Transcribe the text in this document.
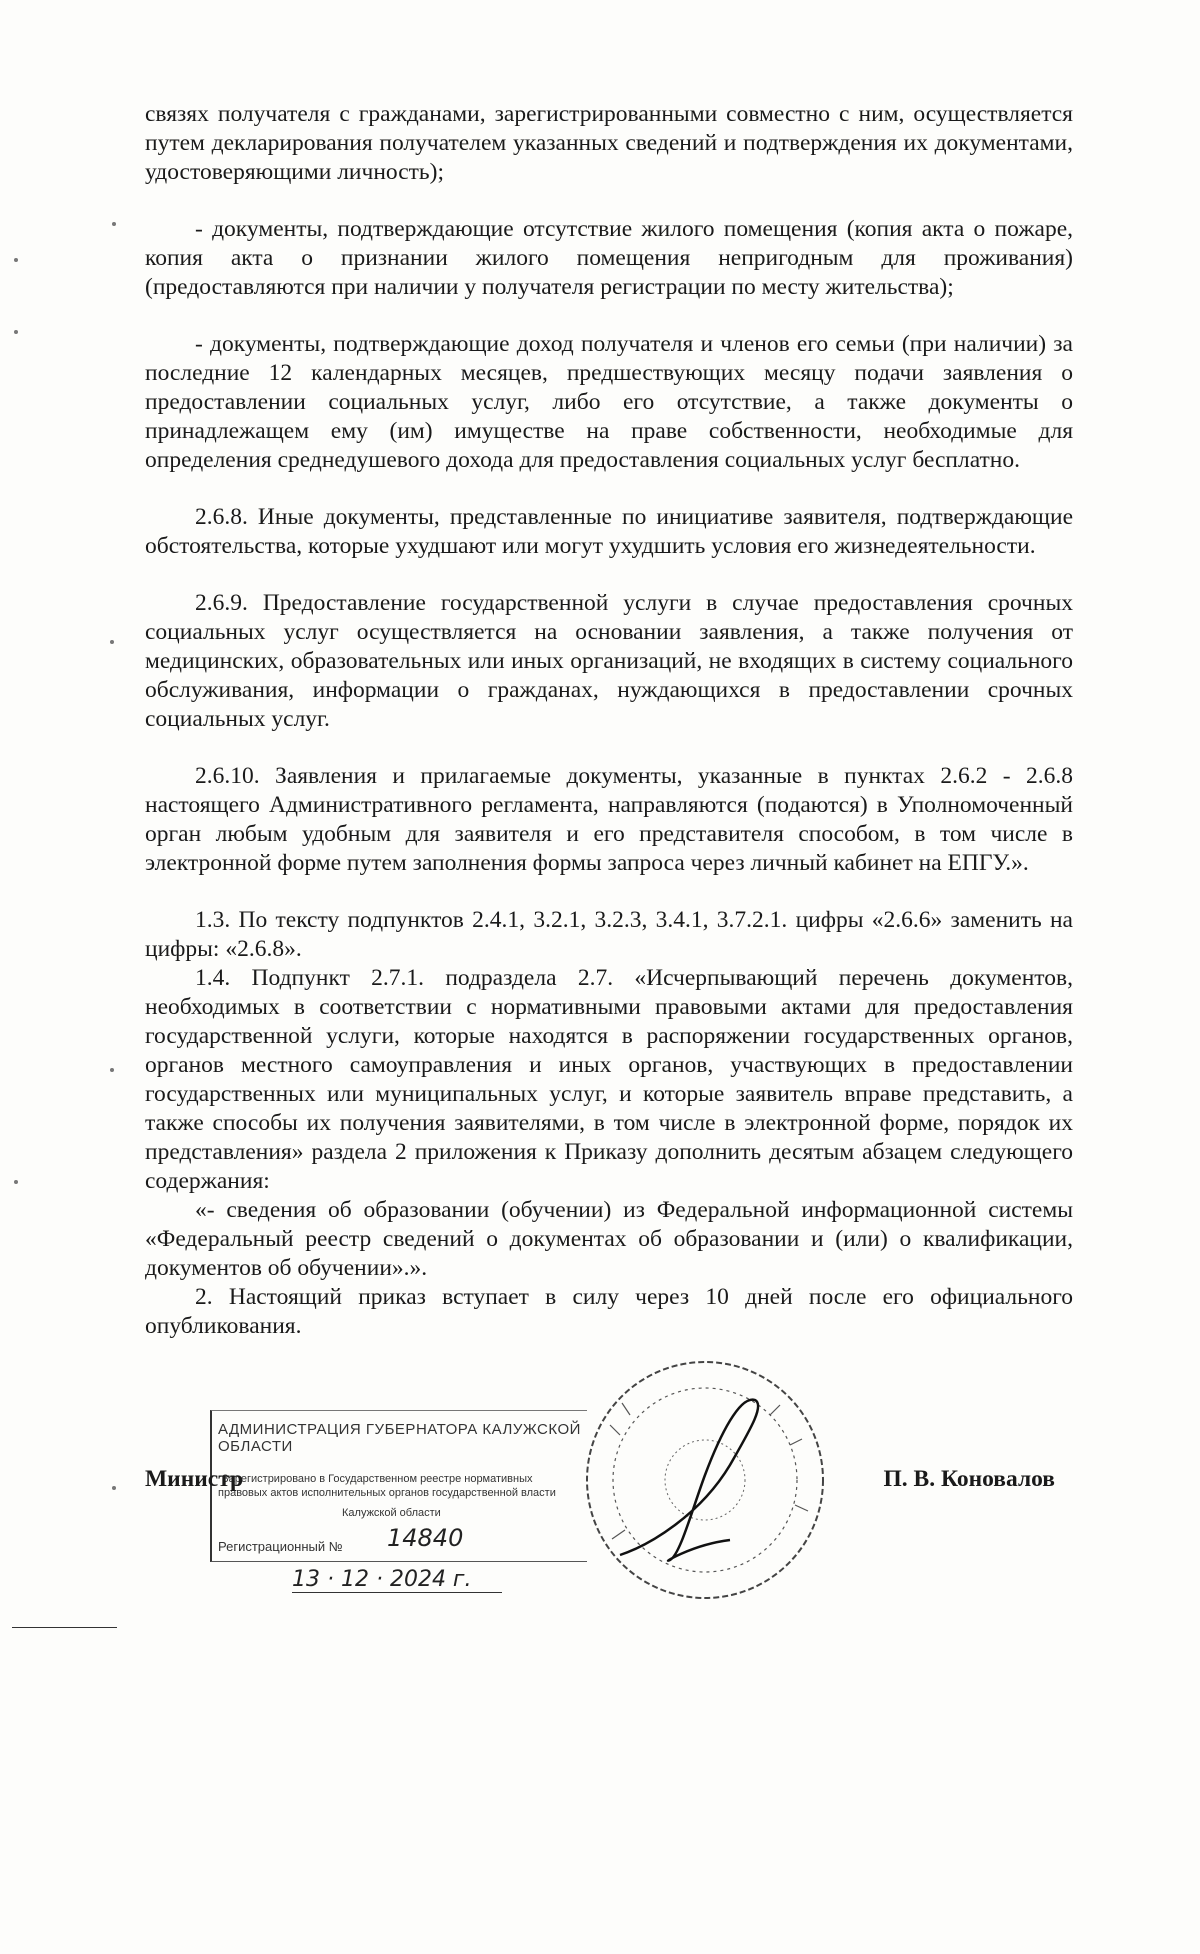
связях получателя с гражданами, зарегистрированными совместно с ним, осуществляется путем декларирования получателем указанных сведений и подтверждения их документами, удостоверяющими личность);

- документы, подтверждающие отсутствие жилого помещения (копия акта о пожаре, копия акта о признании жилого помещения непригодным для проживания) (предоставляются при наличии у получателя регистрации по месту жительства);

- документы, подтверждающие доход получателя и членов его семьи (при наличии) за последние 12 календарных месяцев, предшествующих месяцу подачи заявления о предоставлении социальных услуг, либо его отсутствие, а также документы о принадлежащем ему (им) имуществе на праве собственности, необходимые для определения среднедушевого дохода для предоставления социальных услуг бесплатно.

2.6.8. Иные документы, представленные по инициативе заявителя, подтверждающие обстоятельства, которые ухудшают или могут ухудшить условия его жизнедеятельности.

2.6.9. Предоставление государственной услуги в случае предоставления срочных социальных услуг осуществляется на основании заявления, а также получения от медицинских, образовательных или иных организаций, не входящих в систему социального обслуживания, информации о гражданах, нуждающихся в предоставлении срочных социальных услуг.

2.6.10. Заявления и прилагаемые документы, указанные в пунктах 2.6.2 - 2.6.8 настоящего Административного регламента, направляются (подаются) в Уполномоченный орган любым удобным для заявителя и его представителя способом, в том числе в электронной форме путем заполнения формы запроса через личный кабинет на ЕПГУ.».

1.3. По тексту подпунктов 2.4.1, 3.2.1, 3.2.3, 3.4.1, 3.7.2.1. цифры «2.6.6» заменить на цифры: «2.6.8».

1.4. Подпункт 2.7.1. подраздела 2.7. «Исчерпывающий перечень документов, необходимых в соответствии с нормативными правовыми актами для предоставления государственной услуги, которые находятся в распоряжении государственных органов, органов местного самоуправления и иных органов, участвующих в предоставлении государственных или муниципальных услуг, и которые заявитель вправе представить, а также способы их получения заявителями, в том числе в электронной форме, порядок их представления» раздела 2 приложения к Приказу дополнить десятым абзацем следующего содержания:

«- сведения об образовании (обучении) из Федеральной информационной системы «Федеральный реестр сведений о документах об образовании и (или) о квалификации, документов об обучении».».

2. Настоящий приказ вступает в силу через 10 дней после его официального опубликования.

АДМИНИСТРАЦИЯ ГУБЕРНАТОРА КАЛУЖСКОЙ ОБЛАСТИ
Зарегистрировано в Государственном реестре нормативных
правовых актов исполнительных органов государственной власти
Калужской области
Регистрационный № 14840
13 · 12 · 2024 г.
Министр	П. В. Коновалов
